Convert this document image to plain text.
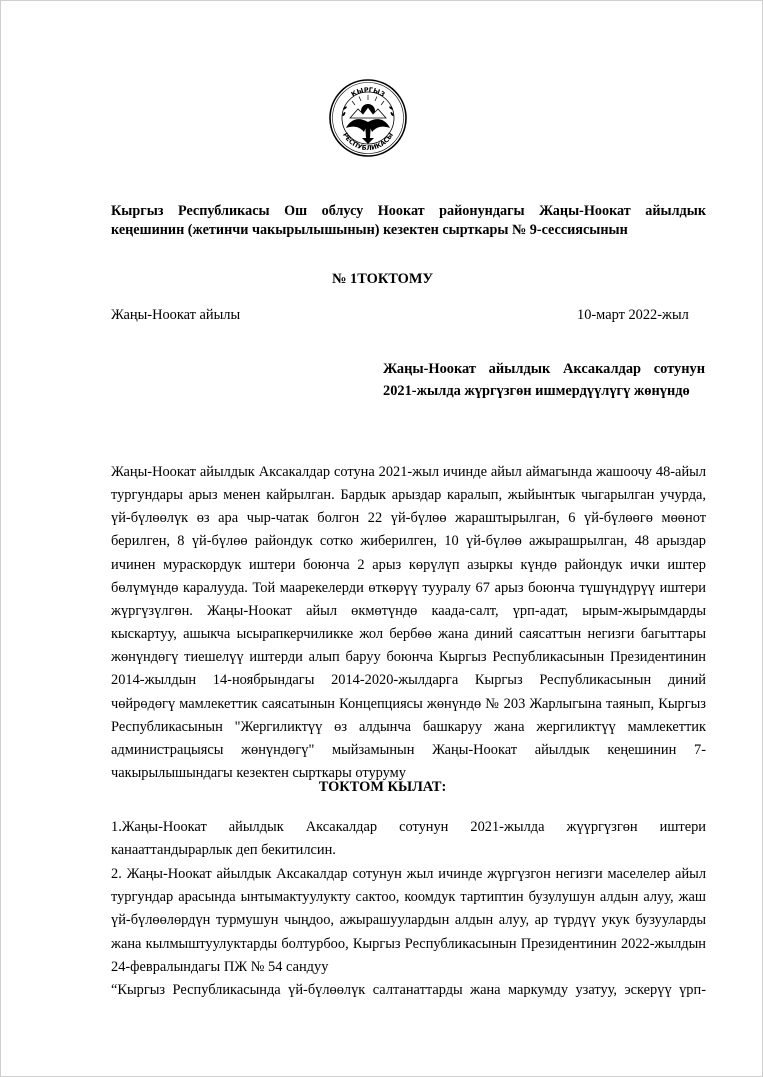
РЕСПУБЛИКАСЫ
КЫРГЫЗ
Кыргыз Республикасы Ош облусу Ноокат районундагы Жаңы-Ноокат айылдык кеңешинин (жетинчи чакырылышынын) кезектен сырткары № 9-сессиясынын
№ 1ТОКТОМУ
Жаңы-Ноокат айылы	10-март 2022-жыл
Жаңы-Ноокат айылдык Аксакалдар сотунун 2021-жылда жүргүзгөн ишмердүүлүгү жөнүндө
Жаңы-Ноокат айылдык Аксакалдар сотуна 2021-жыл ичинде айыл аймагында жашоочу 48-айыл тургундары арыз менен кайрылган. Бардык арыздар каралып, жыйынтык чыгарылган учурда, үй-бүлөөлүк өз ара чыр-чатак болгон 22 үй-бүлөө жараштырылган, 6 үй-бүлөөгө мөөнот берилген, 8 үй-бүлөө райондук сотко жиберилген, 10 үй-бүлөө ажырашрылган, 48 арыздар ичинен мураскордук иштери боюнча 2 арыз көрүлүп азыркы күндө райондук ички иштер бөлүмүндө каралууда. Той маарекелерди өткөрүү тууралу 67 арыз боюнча түшүндүрүү иштери жүргүзүлгөн. Жаңы-Ноокат айыл өкмөтүндө каада-салт, үрп-адат, ырым-жырымдарды кыскартуу, ашыкча ысырапкерчиликке жол бербөө жана диний саясаттын негизги багыттары жөнүндөгү тиешелүү иштерди алып баруу боюнча Кыргыз Республикасынын Президентинин 2014-жылдын 14-ноябрындагы 2014-2020-жылдарга Кыргыз Республикасынын диний чөйрөдөгү мамлекеттик саясатынын Концепциясы жөнүндө № 203 Жарлыгына таянып, Кыргыз Республикасынын "Жергиликтүү өз алдынча башкаруу жана жергиликтүү мамлекеттик администрацыясы жөнүндөгү" мыйзамынын Жаңы-Ноокат айылдык кеңешинин 7-чакырылышындагы кезектен сырткары отуруму
ТОКТОМ КЫЛАТ:
1.Жаңы-Ноокат айылдык Аксакалдар сотунун 2021-жылда жүүргүзгөн иштери канааттандырарлык деп бекитилсин.
2. Жаңы-Ноокат айылдык Аксакалдар сотунун жыл ичинде жүргүзгон негизги маселелер айыл тургундар арасында ынтымактуулукту сактоо, коомдук тартиптин бузулушун алдын алуу, жаш үй-бүлөөлөрдүн турмушун чыңдоо, ажырашуулардын алдын алуу, ар түрдүү укук бузууларды жана кылмыштуулуктарды болтурбоо, Кыргыз Республикасынын Президентинин 2022-жылдын 24-февралындагы ПЖ № 54 сандуу
“Кыргыз Республикасында үй-бүлөөлүк салтанаттарды жана маркумду узатуу, эскерүү үрп-
